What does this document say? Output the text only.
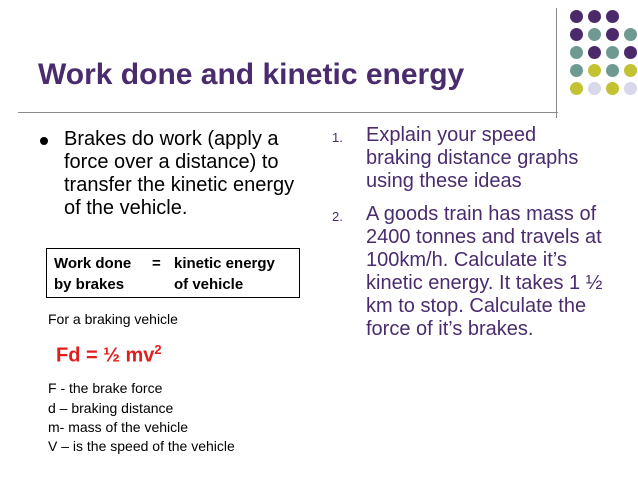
Work done and kinetic energy
Brakes do work (apply a force over a distance) to transfer the kinetic energy of the vehicle.
Work done = kinetic energy
by brakes	of vehicle
For a braking vehicle
Fd = ½ $mv^2$
F - the brake force
d – braking distance
m- mass of the vehicle
V – is the speed of the vehicle
1. Explain your speed braking distance graphs using these ideas
2. A goods train has mass of 2400 tonnes and travels at 100km/h. Calculate it’s kinetic energy. It takes 1 ½ km to stop. Calculate the force of it’s brakes.
